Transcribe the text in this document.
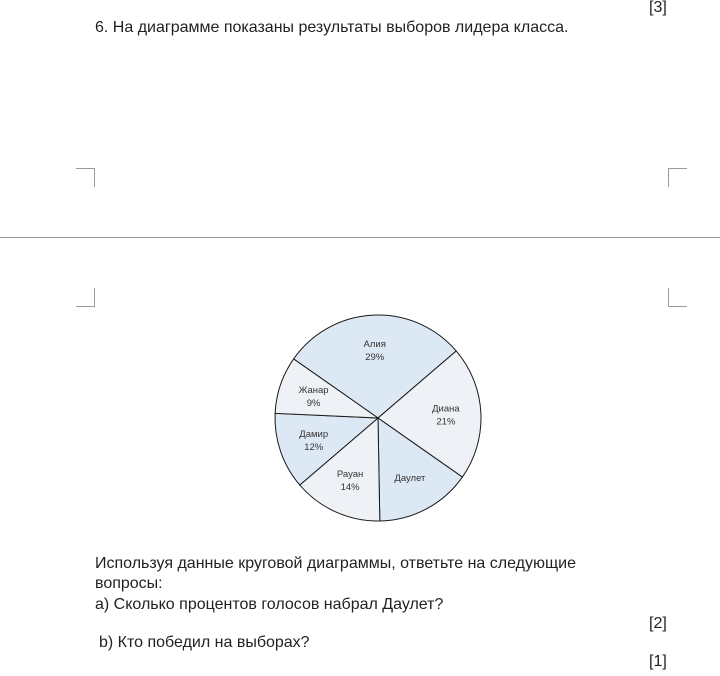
[3]
6. На диаграмме показаны результаты выборов лидера класса.
Алия
29%
Диана
21%
Даулет
Рауан
14%
Дамир
12%
Жанар
9%
Используя данные круговой диаграммы, ответьте на следующие
вопросы:
a) Сколько процентов голосов набрал Даулет?
[2]
b) Кто победил на выборах?
[1]
